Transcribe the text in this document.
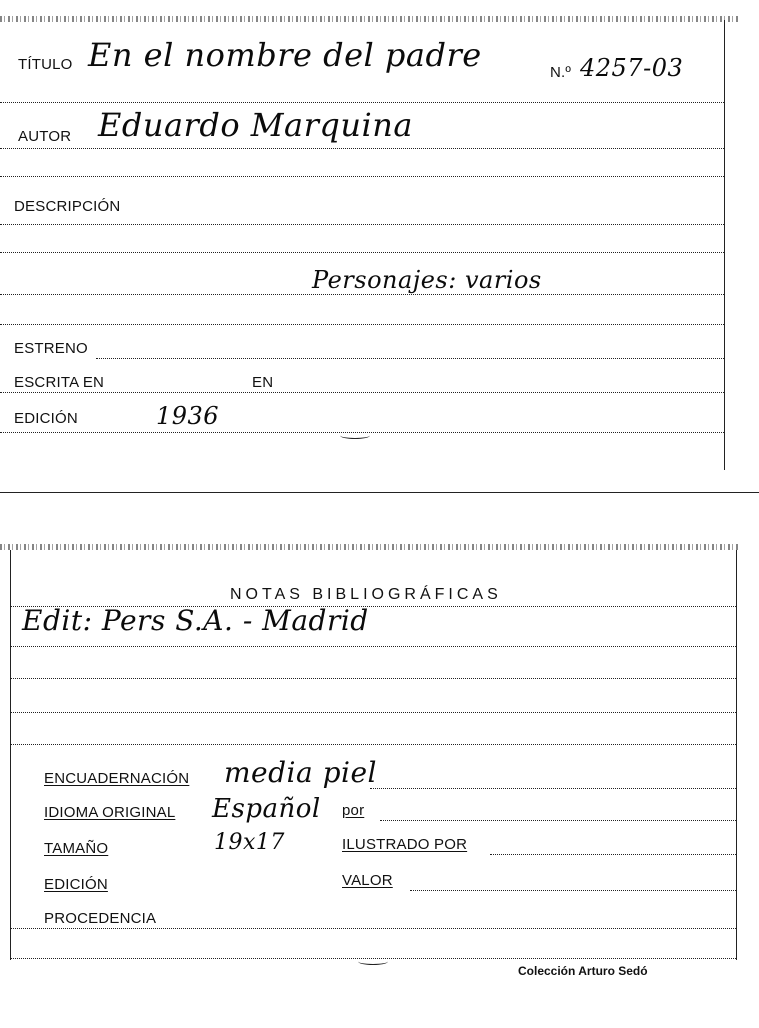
TÍTULO En el nombre del padre	N.º 4257-03
AUTOR Eduardo Marquina
DESCRIPCIÓN
Personajes: varios
ESTRENO
ESCRITA EN	EN
EDICIÓN	1936
NOTAS BIBLIOGRÁFICAS
Edit: Pers S.A. - Madrid
ENCUADERNACIÓN media piel
IDIOMA ORIGINAL Español por
TAMAÑO	19x17	ILUSTRADO POR
EDICIÓN	VALOR
PROCEDENCIA
Colección Arturo Sedó
